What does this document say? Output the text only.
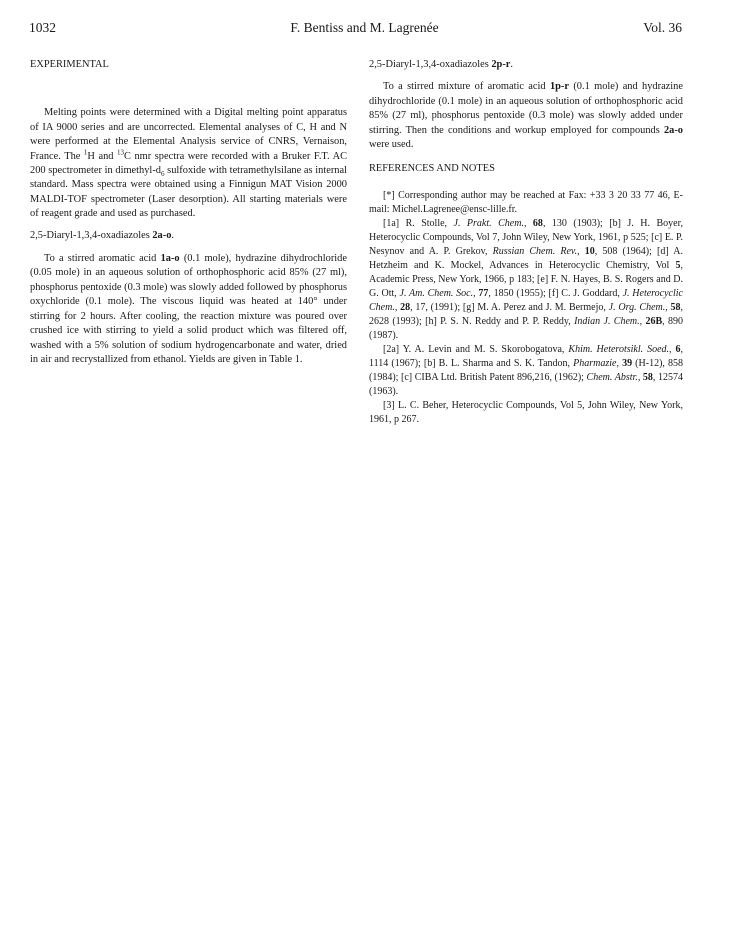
F. Bentiss and M. Lagrenée
1032	Vol. 36

EXPERIMENTAL

Melting points were determined with a Digital melting point apparatus of IA 9000 series and are uncorrected. Elemental analyses of C, H and N were performed at the Elemental Analysis service of CNRS, Vernaison, France. The $^1$H and $^{13}$C nmr spectra were recorded with a Bruker F.T. AC 200 spectrometer in dimethyl-$d_6$ sulfoxide with tetramethylsilane as internal standard. Mass spectra were obtained using a Finnigun MAT Vision 2000 MALDI-TOF spectrometer (Laser desorption). All starting materials were of reagent grade and used as purchased.

2,5-Diaryl-1,3,4-oxadiazoles 2a-o.

To a stirred aromatic acid 1a-o (0.1 mole), hydrazine dihydrochloride (0.05 mole) in an aqueous solution of orthophosphoric acid 85% (27 ml), phosphorus pentoxide (0.3 mole) was slowly added followed by phosphorus oxychloride (0.1 mole). The viscous liquid was heated at 140° under stirring for 2 hours. After cooling, the reaction mixture was poured over crushed ice with stirring to yield a solid product which was filtered off, washed with a 5% solution of sodium hydrogencarbonate and water, dried in air and recrystallized from ethanol. Yields are given in Table 1.

2,5-Diaryl-1,3,4-oxadiazoles 2p-r.

To a stirred mixture of aromatic acid 1p-r (0.1 mole) and hydrazine dihydrochloride (0.1 mole) in an aqueous solution of orthophosphoric acid 85% (27 ml), phosphorus pentoxide (0.3 mole) was slowly added under stirring. Then the conditions and workup employed for compounds 2a-o were used.

REFERENCES AND NOTES

[*] Corresponding author may be reached at Fax: +33 3 20 33 77 46, E-mail: Michel.Lagrenee@ensc-lille.fr.

[1a] R. Stolle, J. Prakt. Chem., 68, 130 (1903); [b] J. H. Boyer, Heterocyclic Compounds, Vol 7, John Wiley, New York, 1961, p 525; [c] E. P. Nesynov and A. P. Grekov, Russian Chem. Rev., 10, 508 (1964); [d] A. Hetzheim and K. Mockel, Advances in Heterocyclic Chemistry, Vol 5, Academic Press, New York, 1966, p 183; [e] F. N. Hayes, B. S. Rogers and D. G. Ott, J. Am. Chem. Soc., 77, 1850 (1955); [f] C. J. Goddard, J. Heterocyclic Chem., 28, 17, (1991); [g] M. A. Perez and J. M. Bermejo, J. Org. Chem., 58, 2628 (1993); [h] P. S. N. Reddy and P. P. Reddy, Indian J. Chem., 26B, 890 (1987).

[2a] Y. A. Levin and M. S. Skorobogatova, Khim. Heterotsikl. Soed., 6, 1114 (1967); [b] B. L. Sharma and S. K. Tandon, Pharmazie, 39 (H-12), 858 (1984); [c] CIBA Ltd. British Patent 896,216, (1962); Chem. Abstr., 58, 12574 (1963).

[3] L. C. Beher, Heterocyclic Compounds, Vol 5, John Wiley, New York, 1961, p 267.
